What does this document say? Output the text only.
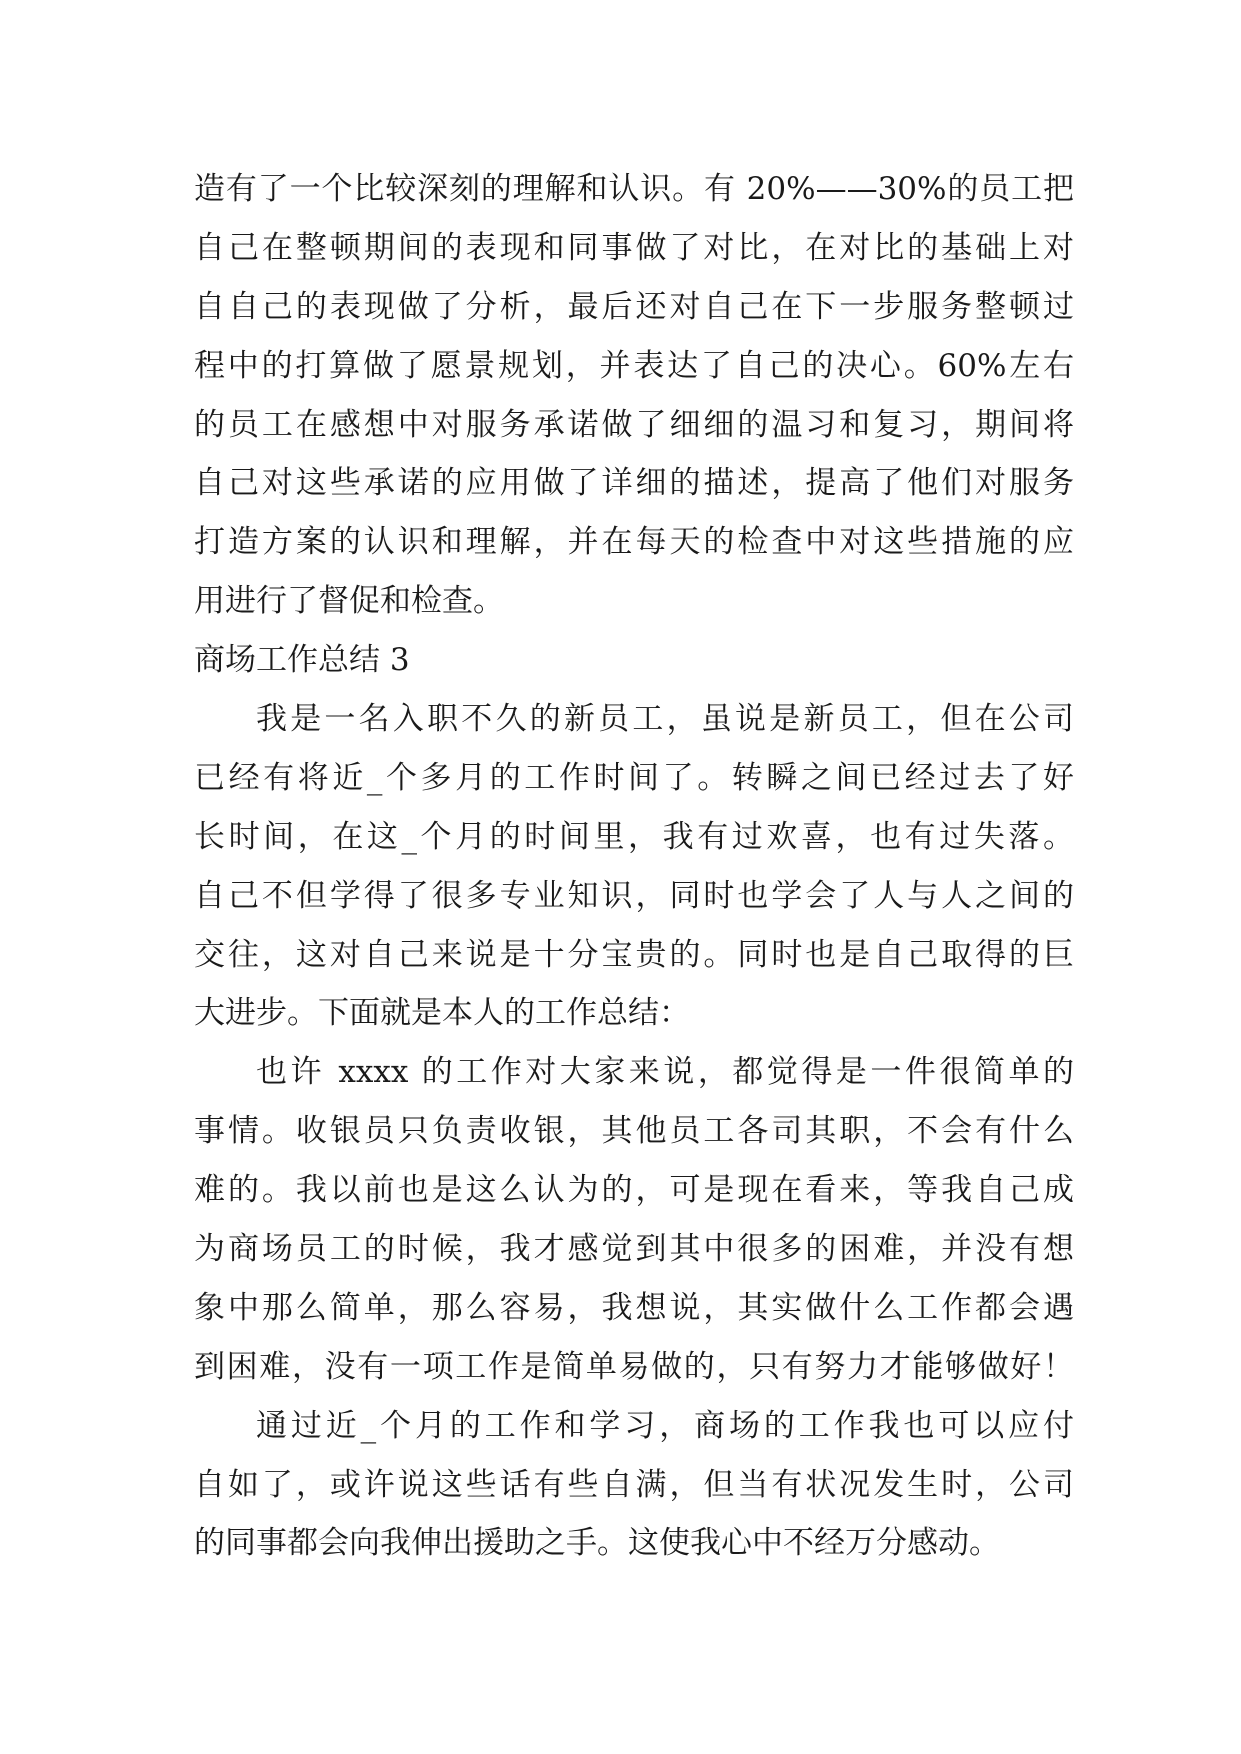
造有了一个比较深刻的理解和认识。有 20%——30%的员工把
自己在整顿期间的表现和同事做了对比，在对比的基础上对
自自己的表现做了分析，最后还对自己在下一步服务整顿过
程中的打算做了愿景规划，并表达了自己的决心。60%左右
的员工在感想中对服务承诺做了细细的温习和复习，期间将
自己对这些承诺的应用做了详细的描述，提高了他们对服务
打造方案的认识和理解，并在每天的检查中对这些措施的应
用进行了督促和检查。
商场工作总结 3
我是一名入职不久的新员工，虽说是新员工，但在公司
已经有将近_个多月的工作时间了。转瞬之间已经过去了好
长时间，在这_个月的时间里，我有过欢喜，也有过失落。
自己不但学得了很多专业知识，同时也学会了人与人之间的
交往，这对自己来说是十分宝贵的。同时也是自己取得的巨
大进步。下面就是本人的工作总结：
也许 xxxx 的工作对大家来说，都觉得是一件很简单的
事情。收银员只负责收银，其他员工各司其职，不会有什么
难的。我以前也是这么认为的，可是现在看来，等我自己成
为商场员工的时候，我才感觉到其中很多的困难，并没有想
象中那么简单，那么容易，我想说，其实做什么工作都会遇
到困难，没有一项工作是简单易做的，只有努力才能够做好！
通过近_个月的工作和学习，商场的工作我也可以应付
自如了，或许说这些话有些自满，但当有状况发生时，公司
的同事都会向我伸出援助之手。这使我心中不经万分感动。
